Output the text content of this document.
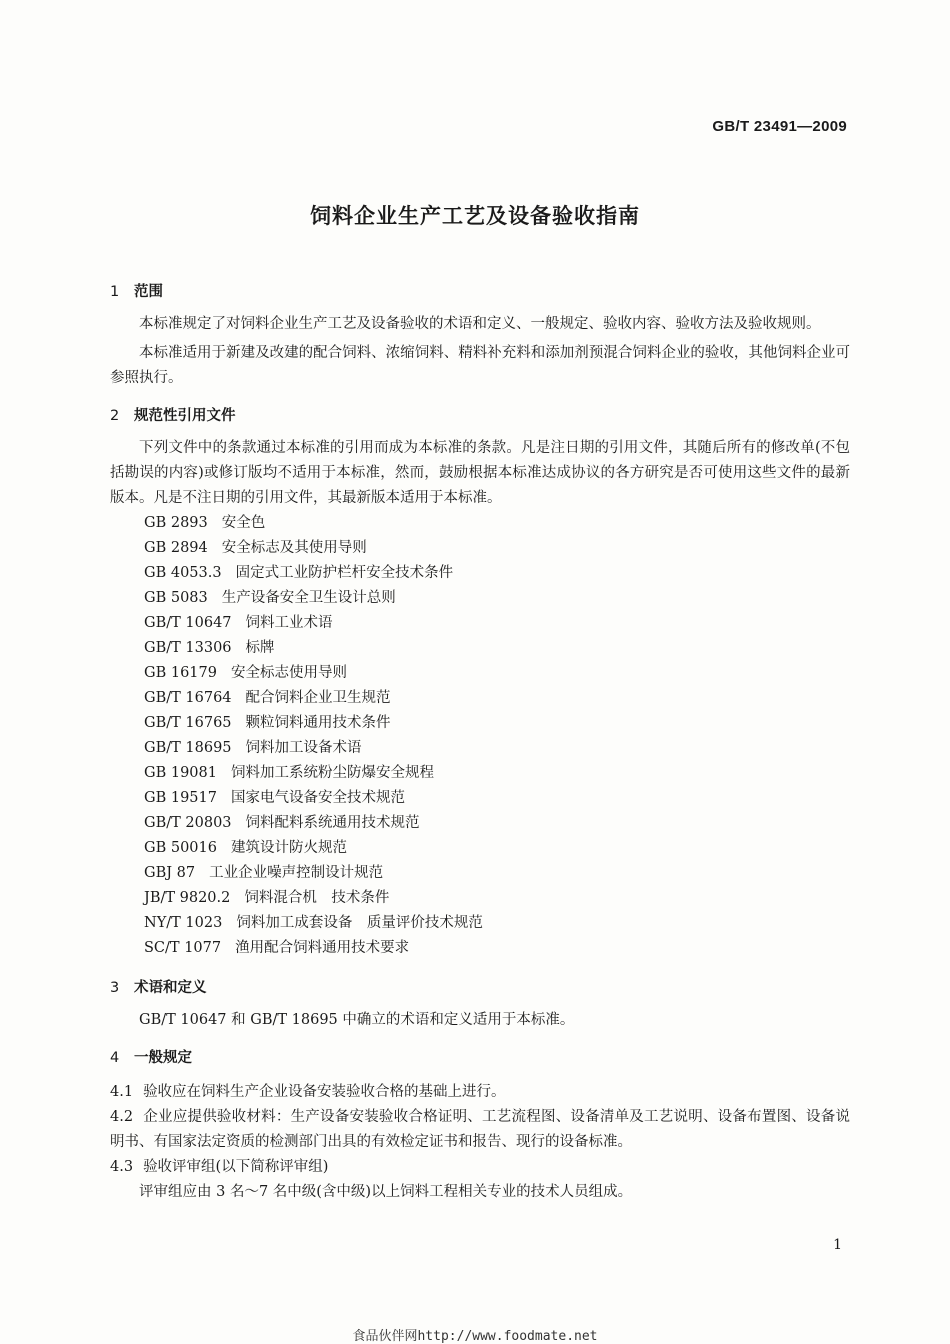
GB/T 23491—2009
饲料企业生产工艺及设备验收指南
1 范围

本标准规定了对饲料企业生产工艺及设备验收的术语和定义、一般规定、验收内容、验收方法及验收规则。

本标准适用于新建及改建的配合饲料、浓缩饲料、精料补充料和添加剂预混合饲料企业的验收，其他饲料企业可参照执行。

2 规范性引用文件

下列文件中的条款通过本标准的引用而成为本标准的条款。凡是注日期的引用文件，其随后所有的修改单(不包括勘误的内容)或修订版均不适用于本标准，然而，鼓励根据本标准达成协议的各方研究是否可使用这些文件的最新版本。凡是不注日期的引用文件，其最新版本适用于本标准。

GB 2893 安全色
GB 2894 安全标志及其使用导则
GB 4053.3 固定式工业防护栏杆安全技术条件
GB 5083 生产设备安全卫生设计总则
GB/T 10647 饲料工业术语
GB/T 13306 标牌
GB 16179 安全标志使用导则
GB/T 16764 配合饲料企业卫生规范
GB/T 16765 颗粒饲料通用技术条件
GB/T 18695 饲料加工设备术语
GB 19081 饲料加工系统粉尘防爆安全规程
GB 19517 国家电气设备安全技术规范
GB/T 20803 饲料配料系统通用技术规范
GB 50016 建筑设计防火规范
GBJ 87 工业企业噪声控制设计规范
JB/T 9820.2 饲料混合机　技术条件
NY/T 1023 饲料加工成套设备　质量评价技术规范
SC/T 1077 渔用配合饲料通用技术要求
3 术语和定义

GB/T 10647 和 GB/T 18695 中确立的术语和定义适用于本标准。

4 一般规定

4.1 验收应在饲料生产企业设备安装验收合格的基础上进行。

4.2 企业应提供验收材料：生产设备安装验收合格证明、工艺流程图、设备清单及工艺说明、设备布置图、设备说明书、有国家法定资质的检测部门出具的有效检定证书和报告、现行的设备标准。

4.3 验收评审组(以下简称评审组)

评审组应由 3 名～7 名中级(含中级)以上饲料工程相关专业的技术人员组成。

1
食品伙伴网http://www.foodmate.net
